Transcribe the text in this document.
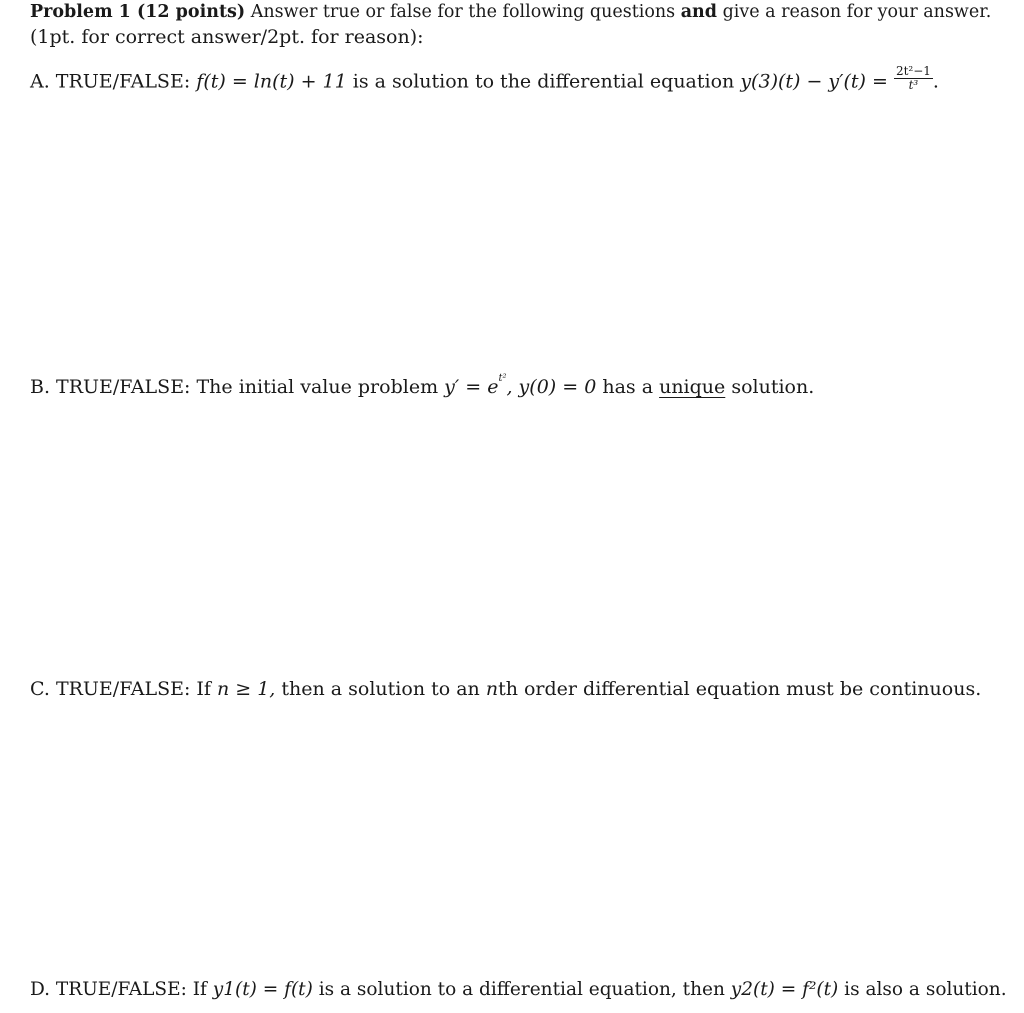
Problem 1 (12 points) Answer true or false for the following questions and give a reason for your answer.
(1pt. for correct answer/2pt. for reason):
A. TRUE/FALSE: f(t) = ln(t) + 11 is a solution to the differential equation $y(3)(t) - y'(t) = \frac{\text{2t²−1}}{\text{t³}}$ .
B. TRUE/FALSE: The initial value problem $y' = e^{t^2}$, y(0) = 0 has a unique solution.
C. TRUE/FALSE: If n ≥ 1, then a solution to an nth order differential equation must be continuous.
D. TRUE/FALSE: If y1(t) = f(t) is a solution to a differential equation, then y2(t) = f²(t) is also a solution.
